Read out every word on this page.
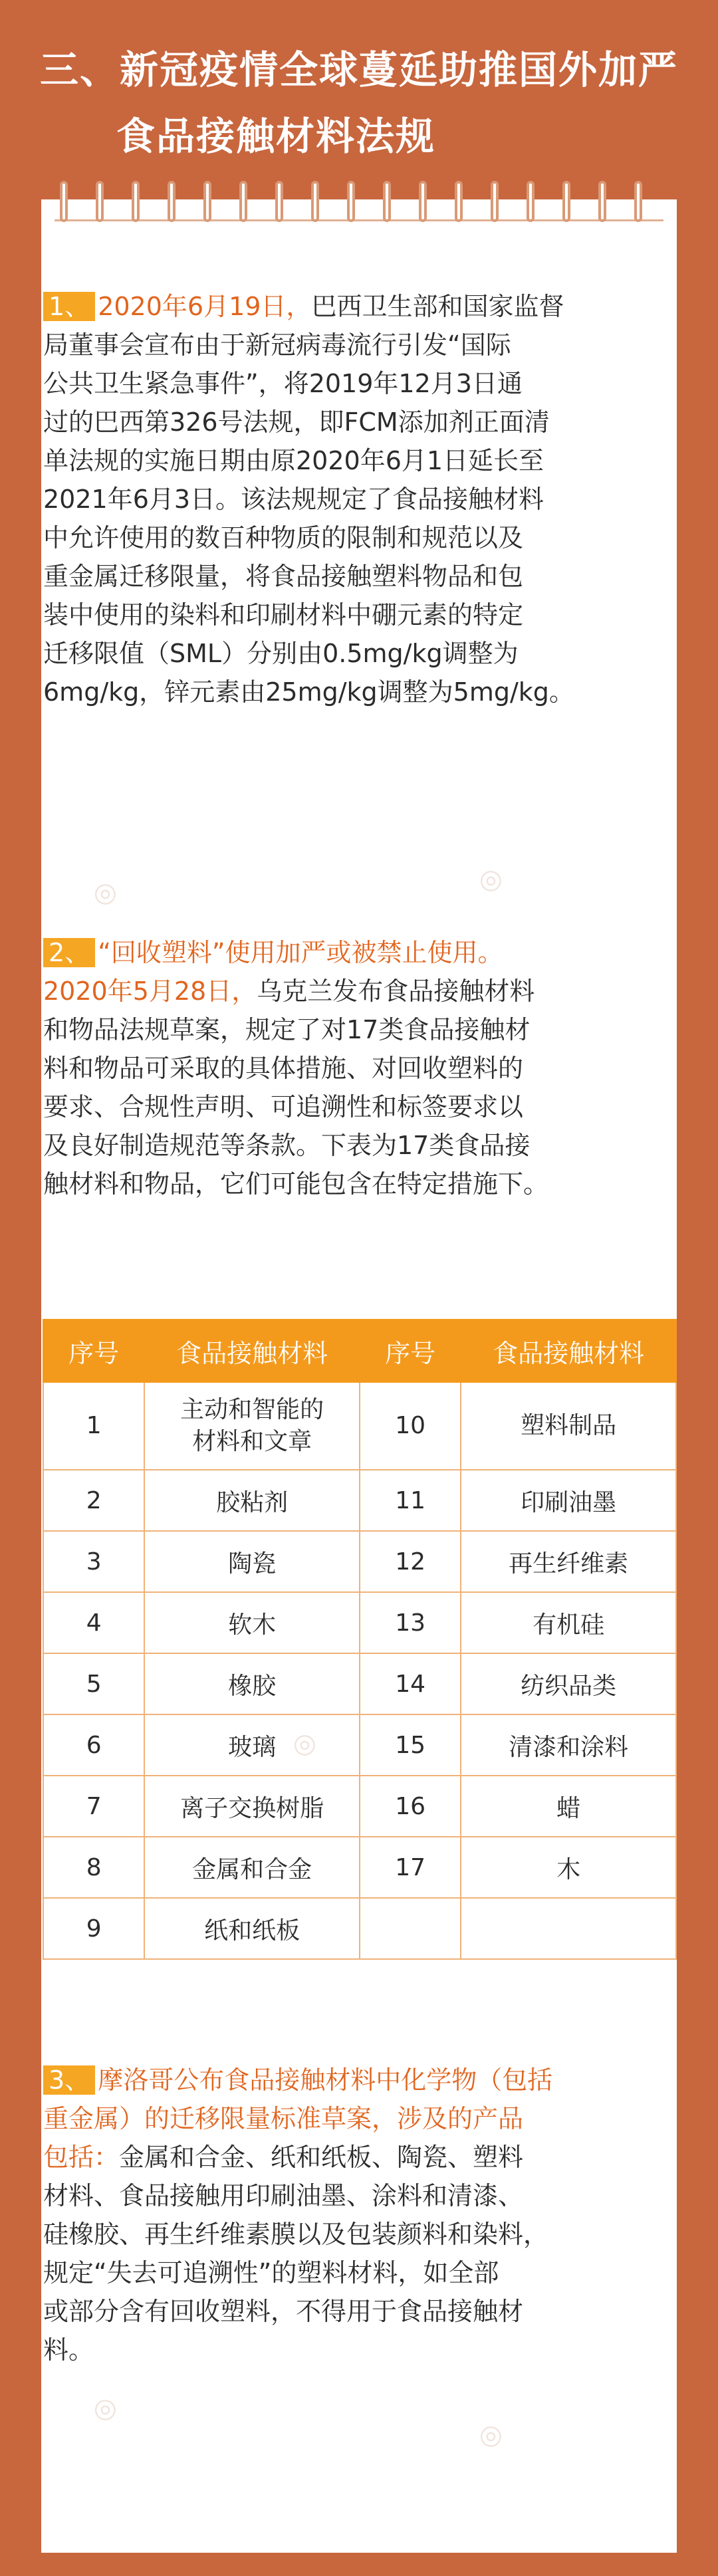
三、新冠疫情全球蔓延助推国外加严
食品接触材料法规
◎	◎
◎
◎
◎
1、 2020年6月19日，巴西卫生部和国家监督
局董事会宣布由于新冠病毒流行引发“国际
公共卫生紧急事件”，将2019年12月3日通
过的巴西第326号法规，即FCM添加剂正面清
单法规的实施日期由原2020年6月1日延长至
2021年6月3日。该法规规定了食品接触材料
中允许使用的数百种物质的限制和规范以及
重金属迁移限量，将食品接触塑料物品和包
装中使用的染料和印刷材料中硼元素的特定
迁移限值（SML）分别由0.5mg/kg调整为
6mg/kg，锌元素由25mg/kg调整为5mg/kg。
2、 “回收塑料”使用加严或被禁止使用。
2020年5月28日，乌克兰发布食品接触材料
和物品法规草案，规定了对17类食品接触材
料和物品可采取的具体措施、对回收塑料的
要求、合规性声明、可追溯性和标签要求以
及良好制造规范等条款。下表为17类食品接
触材料和物品，它们可能包含在特定措施下。
序号	食品接触材料	序号	食品接触材料
1	主动和智能的
材料和文章	10	塑料制品
2	胶粘剂	11	印刷油墨
3	陶瓷	12	再生纤维素
4	软木	13	有机硅
5	橡胶	14	纺织品类
6	玻璃	15	清漆和涂料
7	离子交换树脂	16	蜡
8	金属和合金	17	木
9	纸和纸板		
3、 摩洛哥公布食品接触材料中化学物（包括
重金属）的迁移限量标准草案，涉及的产品
包括：金属和合金、纸和纸板、陶瓷、塑料
材料、食品接触用印刷油墨、涂料和清漆、
硅橡胶、再生纤维素膜以及包装颜料和染料，
规定“失去可追溯性”的塑料材料，如全部
或部分含有回收塑料，不得用于食品接触材
料。
